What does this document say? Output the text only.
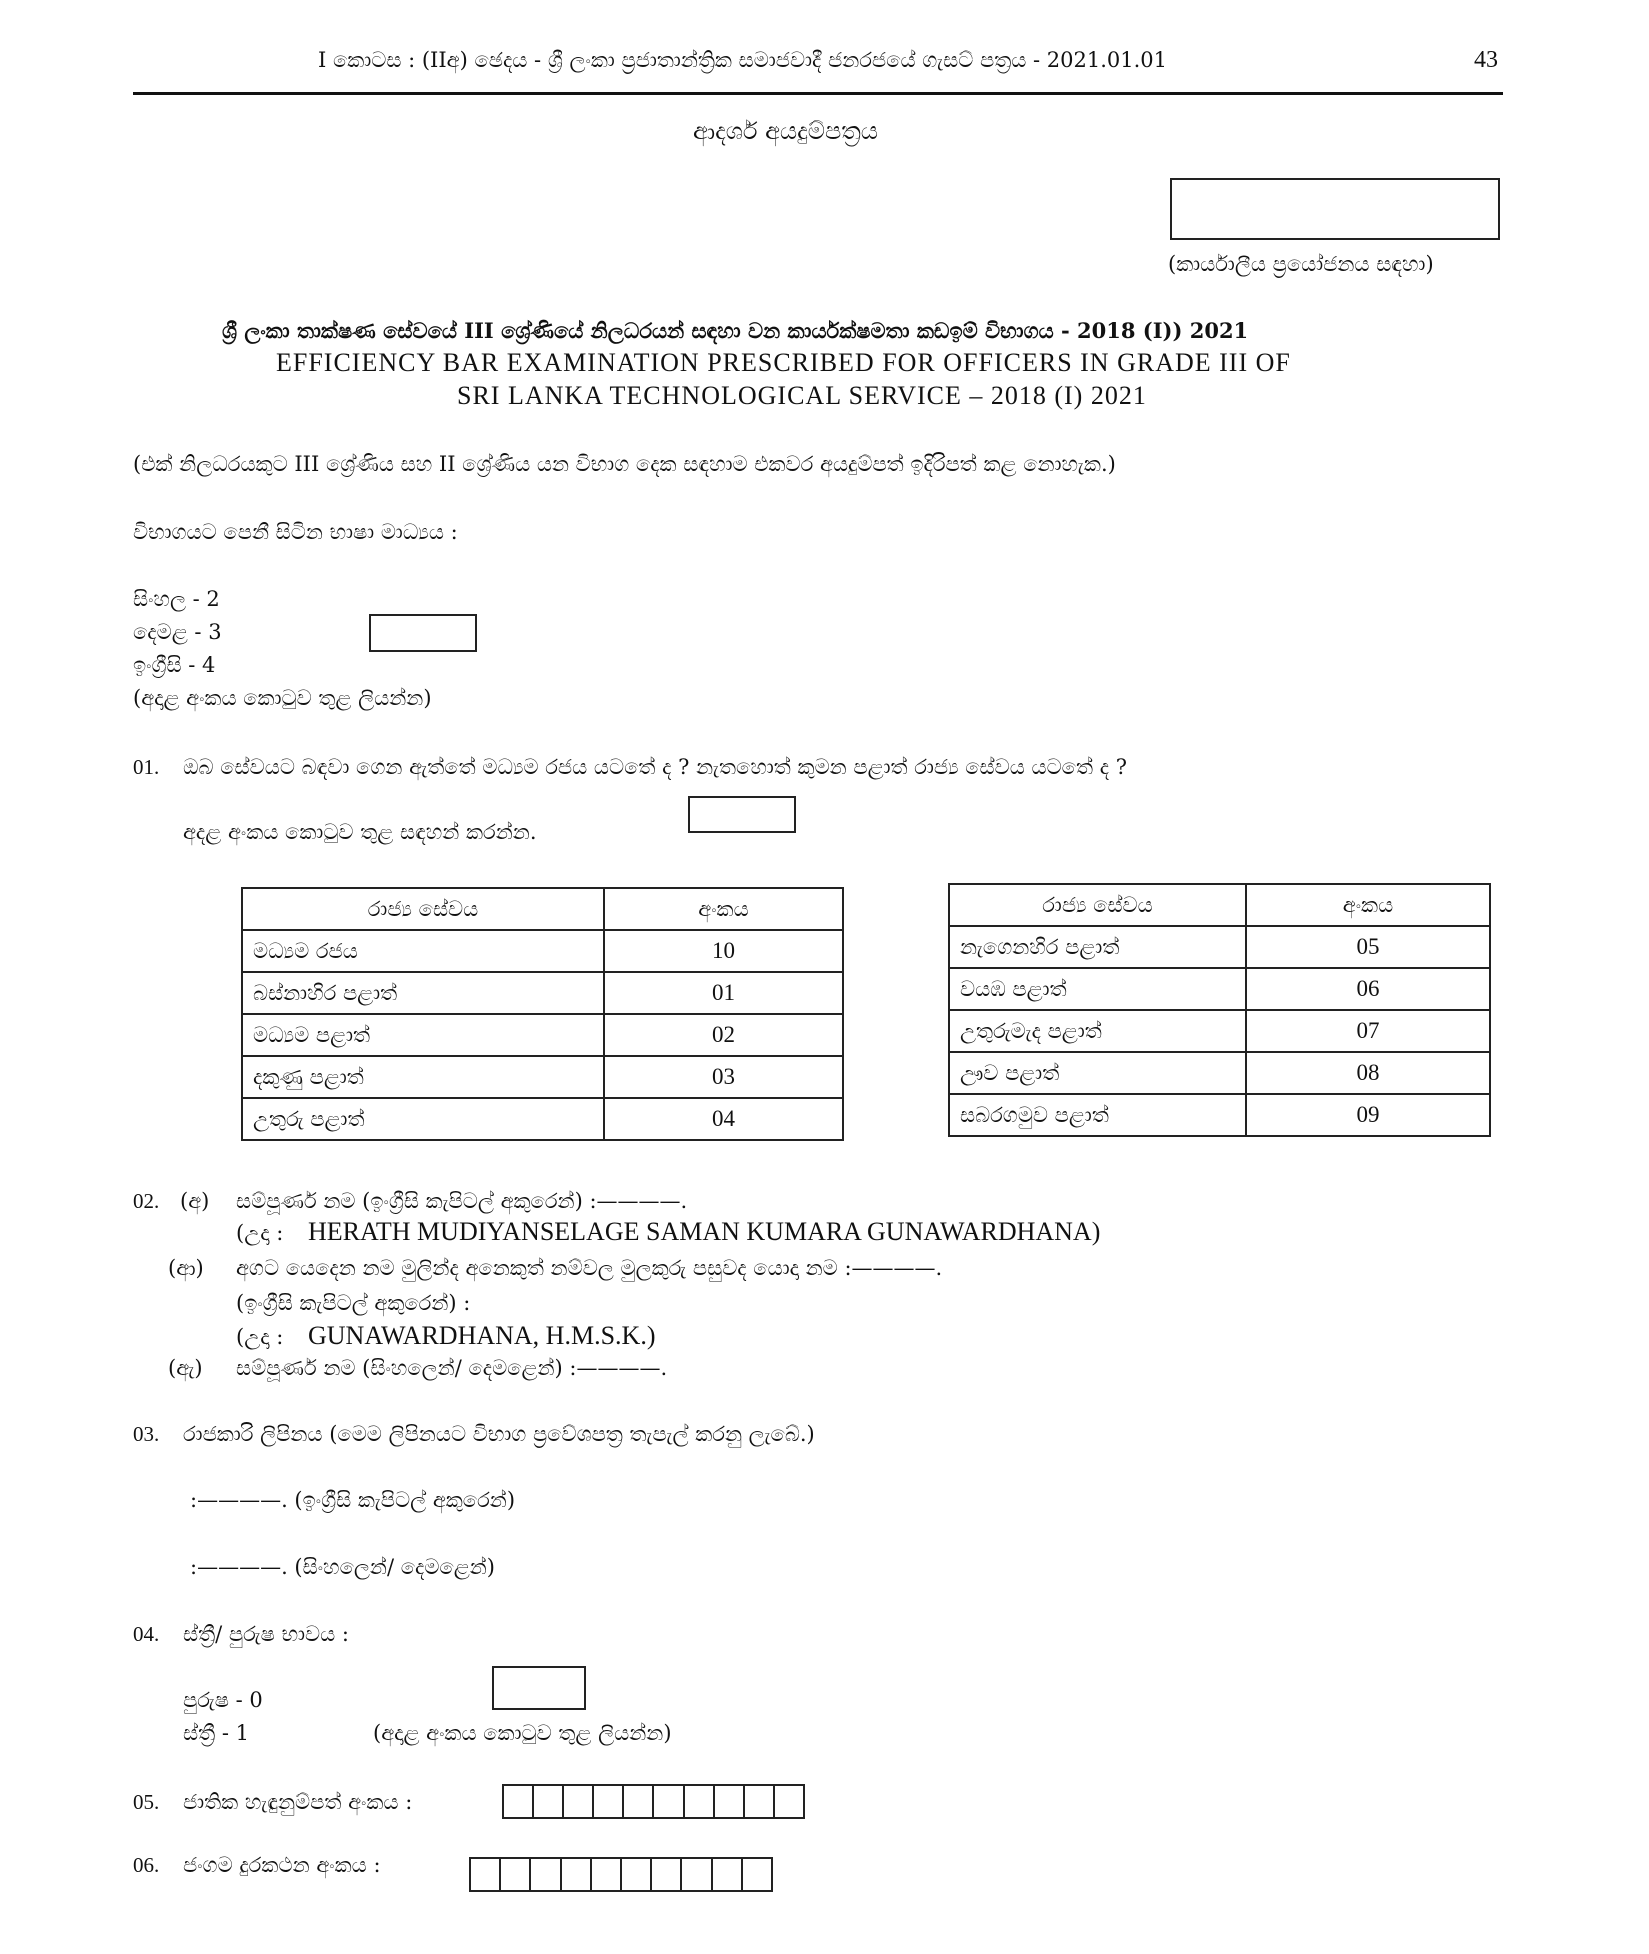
I කොටස : (IIඅ) ඡෙදය - ශ්‍රී ලංකා ප්‍රජාතාන්ත්‍රික සමාජවාදී ජනරජයේ ගැසට් පත්‍රය - 2021.01.01	43
ආදර්ශ අයදුම්පත්‍රය
(කාර්යාලීය ප්‍රයෝජනය සඳහා)
ශ්‍රී ලංකා තාක්ෂණ සේවයේ III ශ්‍රේණියේ නිලධරයන් සඳහා වන කාර්යක්ෂමතා කඩඉම් විභාගය - 2018 (I)) 2021
EFFICIENCY BAR EXAMINATION PRESCRIBED FOR OFFICERS IN GRADE III OF
SRI LANKA TECHNOLOGICAL SERVICE – 2018 (I) 2021
(එක් නිලධරයකුට III ශ්‍රේණිය සහ II ශ්‍රේණිය යන විභාග දෙක සඳහාම එකවර අයදුම්පත් ඉදිරිපත් කළ නොහැක.)
විභාගයට පෙනී සිටින භාෂා මාධ්‍යය :
සිංහල - 2
දෙමළ - 3
ඉංග්‍රීසි - 4
(අදාළ අංකය කොටුව තුළ ලියන්න)
01. ඔබ සේවයට බඳවා ගෙන ඇත්තේ මධ්‍යම රජය යටතේ ද ? නැතහොත් කුමන පළාත් රාජ්‍ය සේවය යටතේ ද ?
අදළ අංකය කොටුව තුළ සඳහන් කරන්න.
රාජ්‍ය සේවය	අංකය
මධ්‍යම රජය	10
බස්නාහිර පළාත්	01
මධ්‍යම පළාත්	02
දකුණු පළාත්	03
උතුරු පළාත්	04
රාජ්‍ය සේවය	අංකය
නැගෙනහිර පළාත්	05
වයඹ පළාත්	06
උතුරුමැද පළාත්	07
ඌව පළාත්	08
සබරගමුව පළාත්	09
02. (අ) සම්පූර්ණ නම (ඉංග්‍රීසි කැපිටල් අකුරෙන්) :————.
(උදා : HERATH MUDIYANSELAGE SAMAN KUMARA GUNAWARDHANA)
(ආ) අගට යෙදෙන නම මුලින්ද අනෙකුත් නම්වල මුලකුරු පසුවද යොදා නම :————.
(ඉංග්‍රීසි කැපිටල් අකුරෙන්) :
(උදා : GUNAWARDHANA, H.M.S.K.)
(ඇ) සම්පූර්ණ නම (සිංහලෙන්/ දෙමළෙන්) :————.
03. රාජකාරි ලිපිනය (මෙම ලිපිනයට විභාග ප්‍රවේශපත්‍ර තැපැල් කරනු ලැබේ.)
:————. (ඉංග්‍රීසි කැපිටල් අකුරෙන්)
:————. (සිංහලෙන්/ දෙමළෙන්)
04. ස්ත්‍රී/ පුරුෂ භාවය :
පුරුෂ - 0
ස්ත්‍රී - 1	(අදාළ අංකය කොටුව තුළ ලියන්න)
05. ජාතික හැඳුනුම්පත් අංකය :
06. ජංගම දුරකථන අංකය :
